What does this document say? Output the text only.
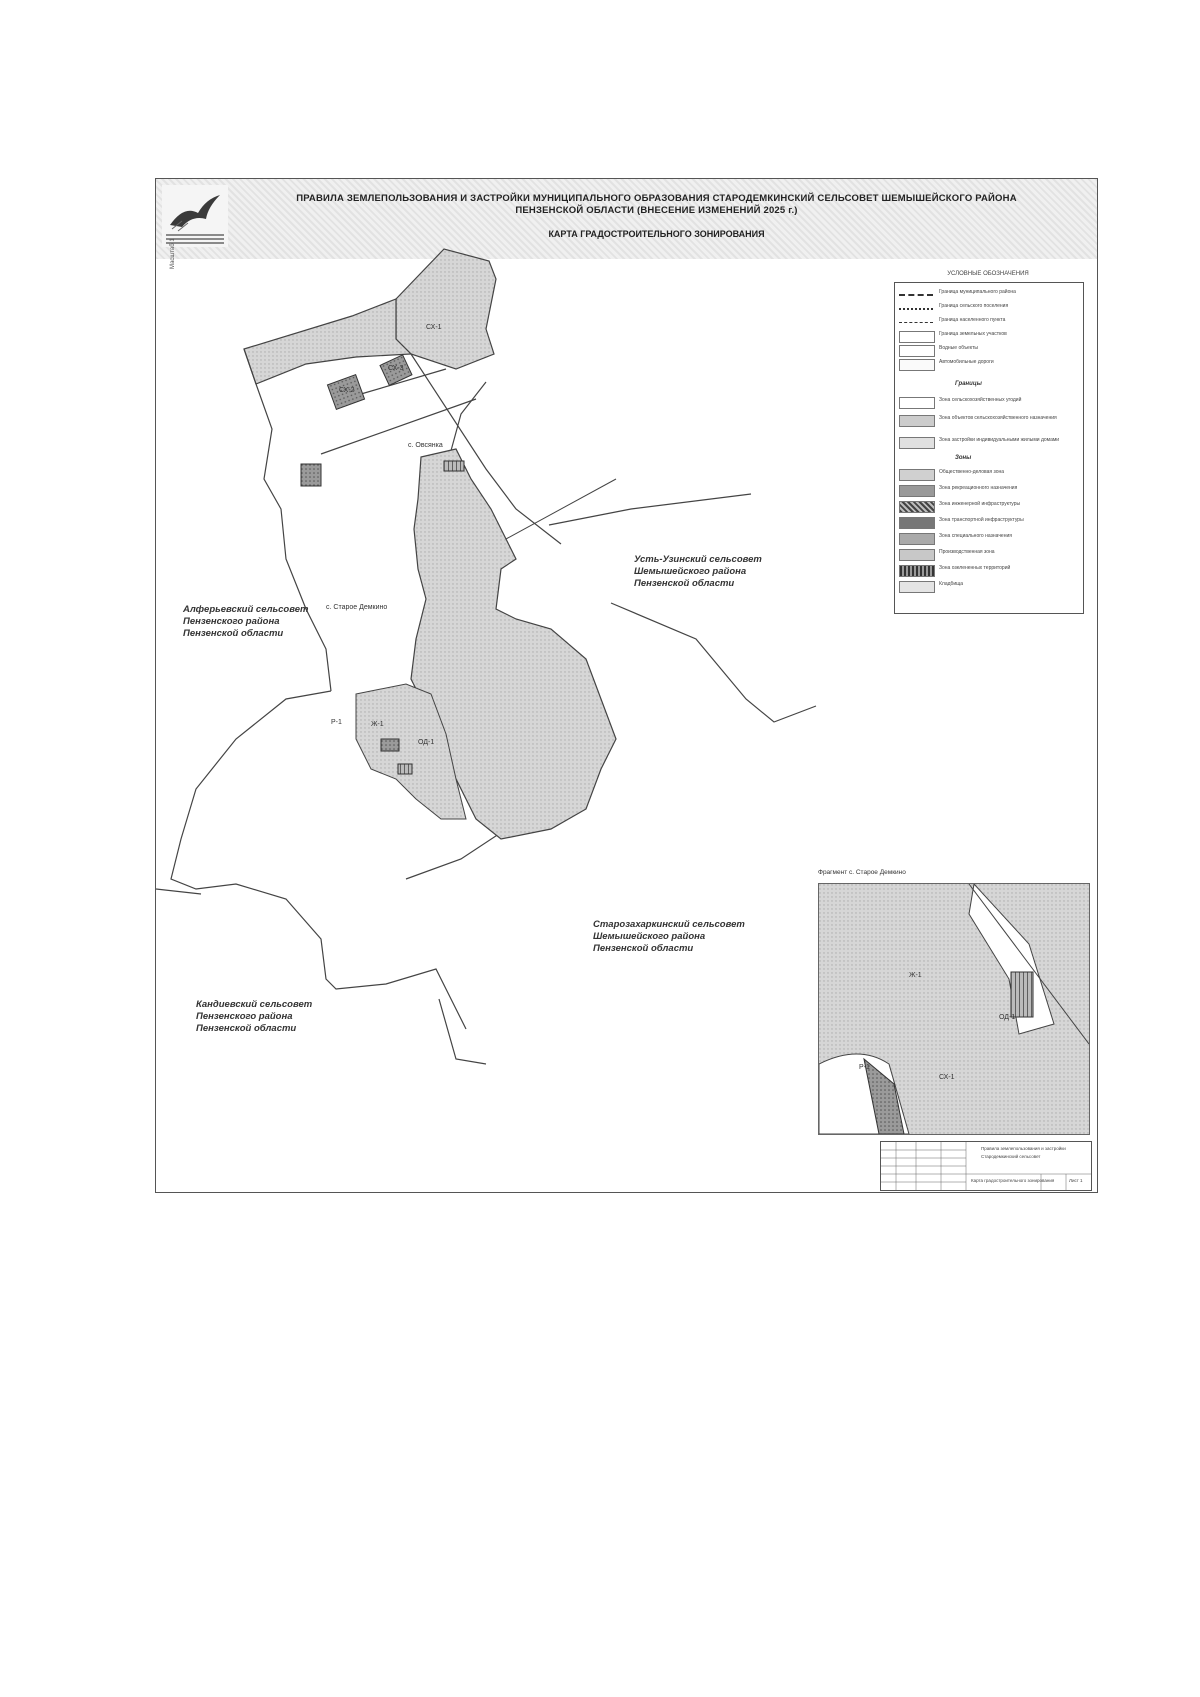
ПРАВИЛА ЗЕМЛЕПОЛЬЗОВАНИЯ И ЗАСТРОЙКИ МУНИЦИПАЛЬНОГО ОБРАЗОВАНИЯ СТАРОДЕМКИНСКИЙ СЕЛЬСОВЕТ ШЕМЫШЕЙСКОГО РАЙОНА
ПЕНЗЕНСКОЙ ОБЛАСТИ (ВНЕСЕНИЕ ИЗМЕНЕНИЙ 2025 г.)
КАРТА ГРАДОСТРОИТЕЛЬНОГО ЗОНИРОВАНИЯ
Масштаб 1
Алферьевский сельсовет
Пензенского района
Пензенской области
Усть-Узинский сельсовет
Шемышейского района
Пензенской области
Старозахаркинский сельсовет
Шемышейского района
Пензенской области
Кандиевский сельсовет
Пензенского района
Пензенской области
с. Овсянка
с. Старое Демкино
СХ-1
СХ-2
СХ-3
Ж-1
ОД-1
Р-1
УСЛОВНЫЕ ОБОЗНАЧЕНИЯ
Граница муниципального района
Граница сельского поселения
Граница населенного пункта
Граница земельных участков
Водные объекты
Автомобильные дороги
Границы
Зона сельскохозяйственных угодий
Зона объектов сельскохозяйственного назначения
Зона застройки индивидуальными жилыми домами
Зоны
Общественно-деловая зона
Зона рекреационного назначения
Зона инженерной инфраструктуры
Зона транспортной инфраструктуры
Зона специального назначения
Производственная зона
Зона озелененных территорий
Кладбища
Фрагмент с. Старое Демкино
Ж-1
ОД-1
СХ-1
Р-1
Правила землепользования и застройки
Стародемкинский сельсовет
Карта градостроительного зонирования	Лист 1
